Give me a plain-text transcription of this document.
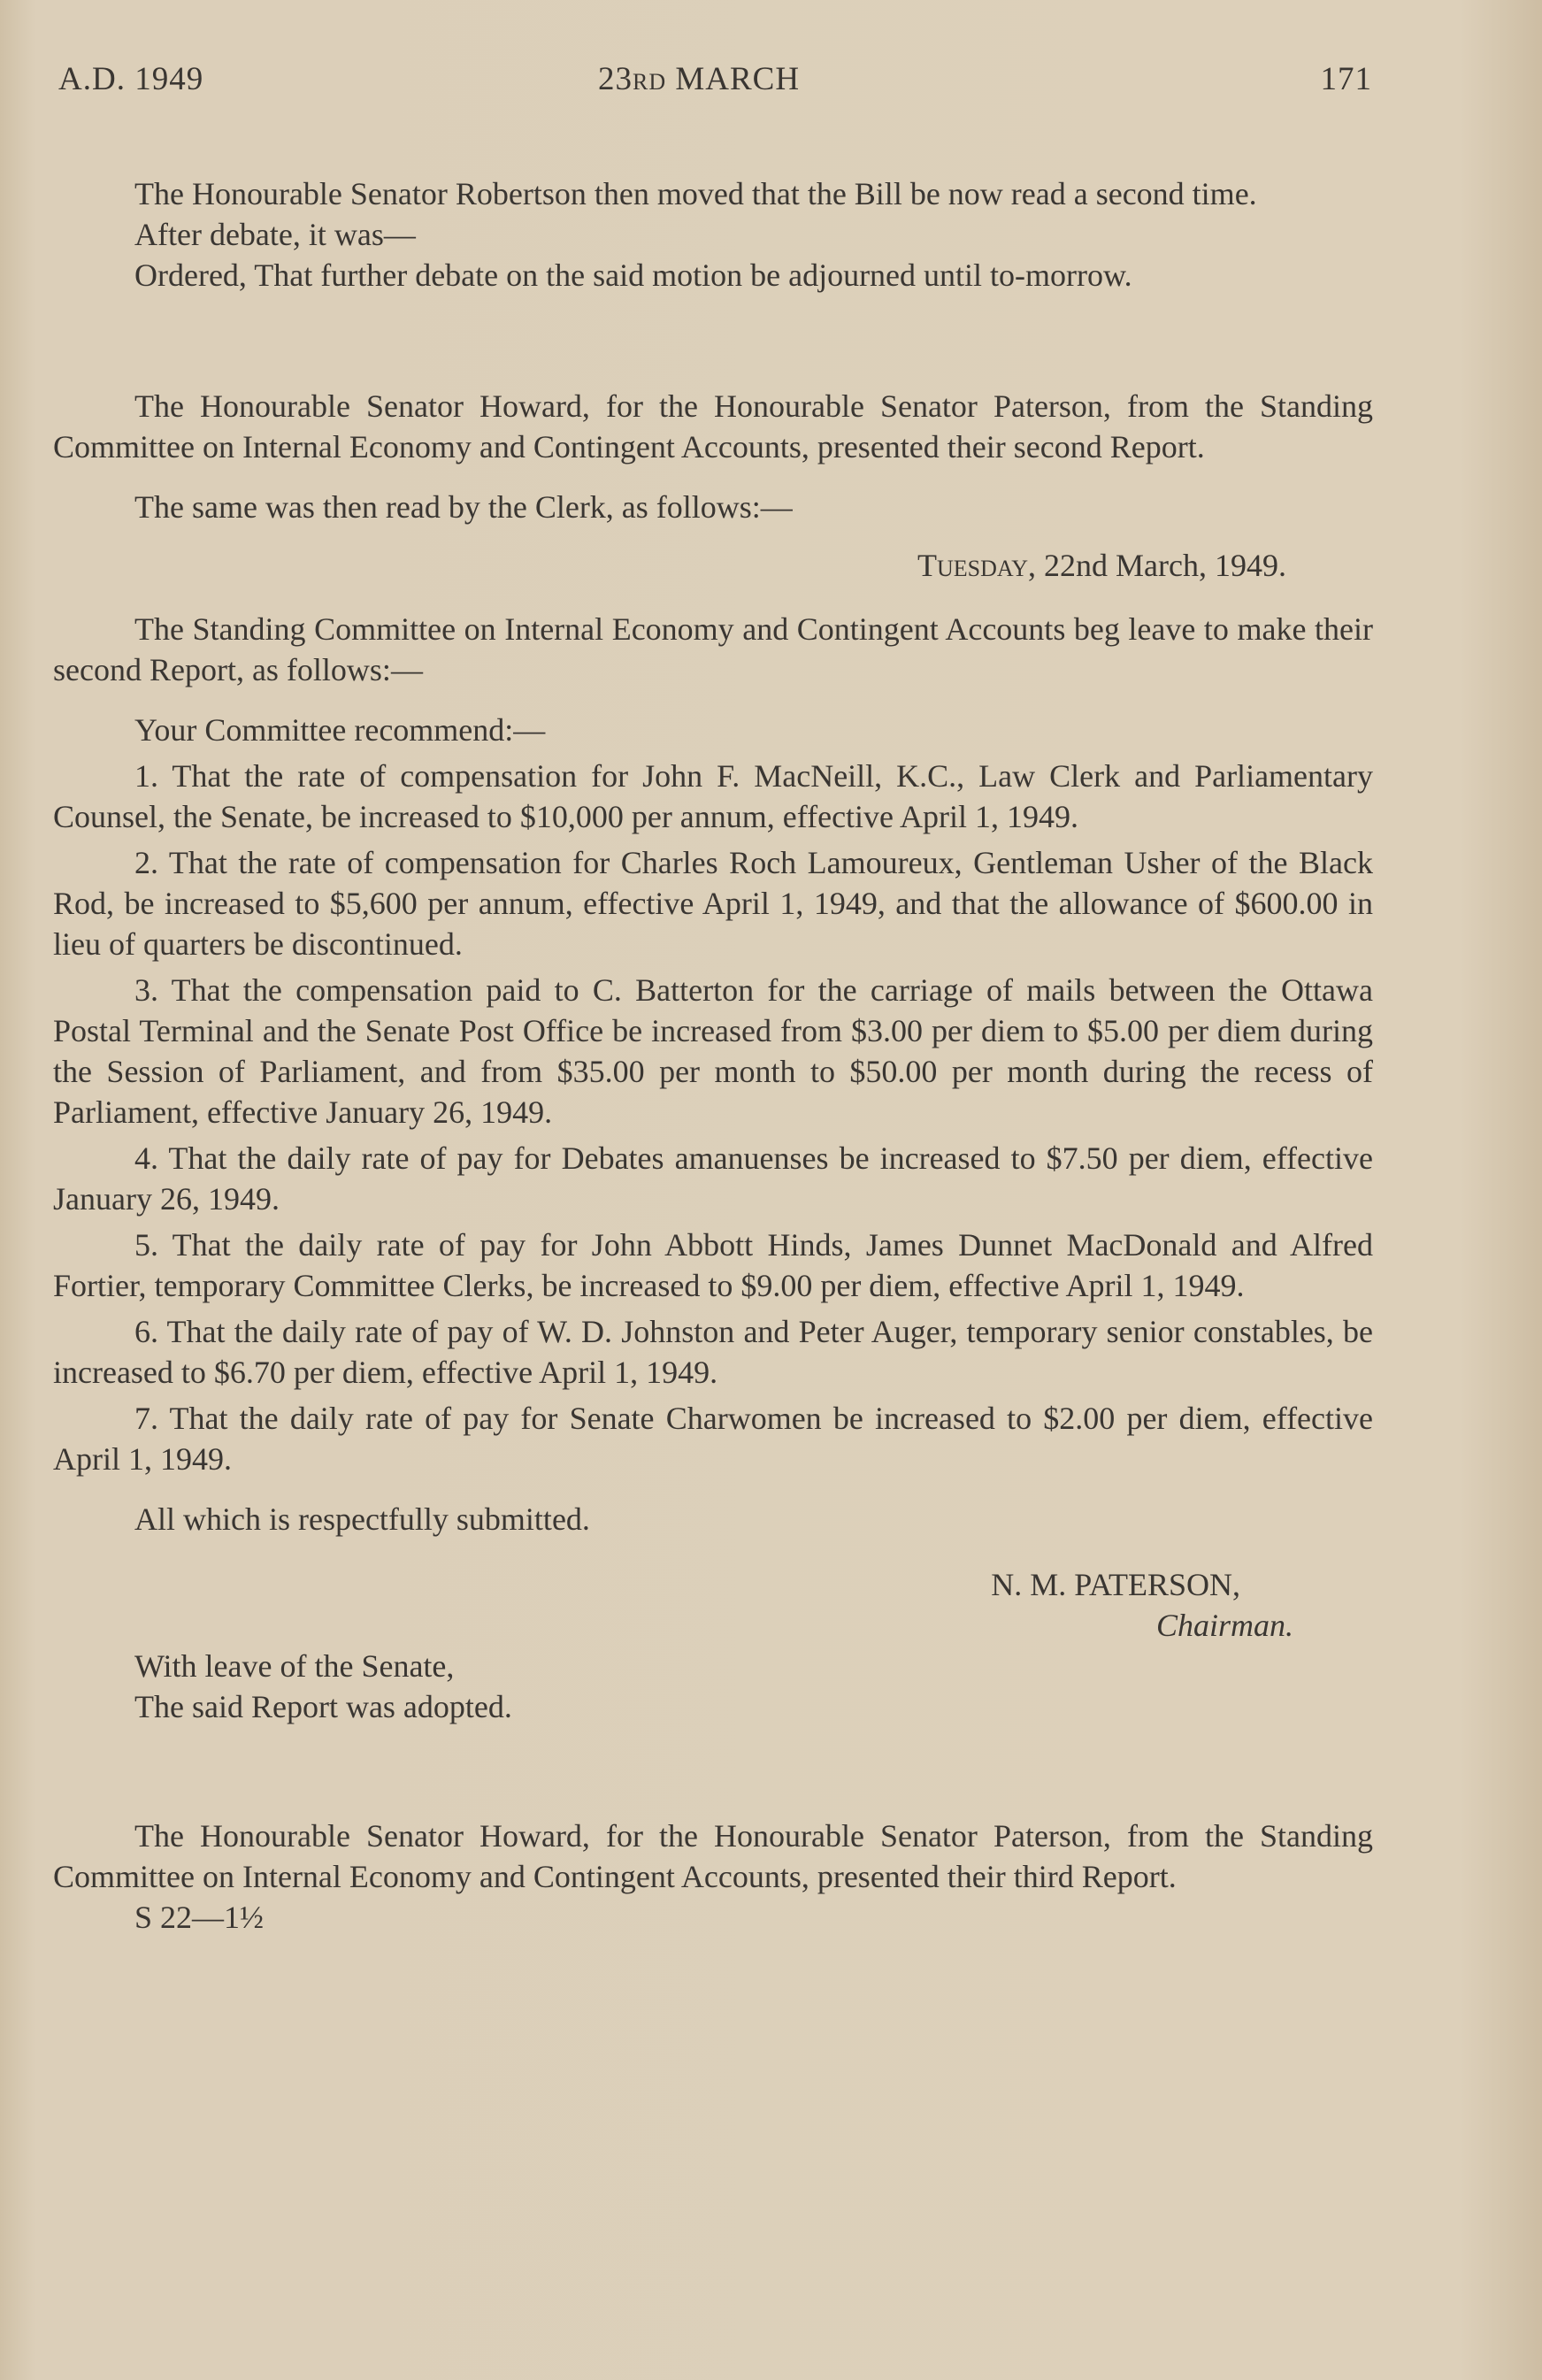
A.D. 1949	23RD MARCH	171

The Honourable Senator Robertson then moved that the Bill be now read a second time.

After debate, it was—

Ordered, That further debate on the said motion be adjourned until to-morrow.

The Honourable Senator Howard, for the Honourable Senator Paterson, from the Standing Committee on Internal Economy and Contingent Accounts, presented their second Report.

The same was then read by the Clerk, as follows:—

TUESDAY, 22nd March, 1949.

The Standing Committee on Internal Economy and Contingent Accounts beg leave to make their second Report, as follows:—

Your Committee recommend:—

1. That the rate of compensation for John F. MacNeill, K.C., Law Clerk and Parliamentary Counsel, the Senate, be increased to $10,000 per annum, effective April 1, 1949.

2. That the rate of compensation for Charles Roch Lamoureux, Gentleman Usher of the Black Rod, be increased to $5,600 per annum, effective April 1, 1949, and that the allowance of $600.00 in lieu of quarters be discontinued.

3. That the compensation paid to C. Batterton for the carriage of mails between the Ottawa Postal Terminal and the Senate Post Office be increased from $3.00 per diem to $5.00 per diem during the Session of Parliament, and from $35.00 per month to $50.00 per month during the recess of Parliament, effective January 26, 1949.

4. That the daily rate of pay for Debates amanuenses be increased to $7.50 per diem, effective January 26, 1949.

5. That the daily rate of pay for John Abbott Hinds, James Dunnet MacDonald and Alfred Fortier, temporary Committee Clerks, be increased to $9.00 per diem, effective April 1, 1949.

6. That the daily rate of pay of W. D. Johnston and Peter Auger, temporary senior constables, be increased to $6.70 per diem, effective April 1, 1949.

7. That the daily rate of pay for Senate Charwomen be increased to $2.00 per diem, effective April 1, 1949.

All which is respectfully submitted.

N. M. PATERSON,

Chairman.

With leave of the Senate,

The said Report was adopted.

The Honourable Senator Howard, for the Honourable Senator Paterson, from the Standing Committee on Internal Economy and Contingent Accounts, presented their third Report.

S 22—1½
